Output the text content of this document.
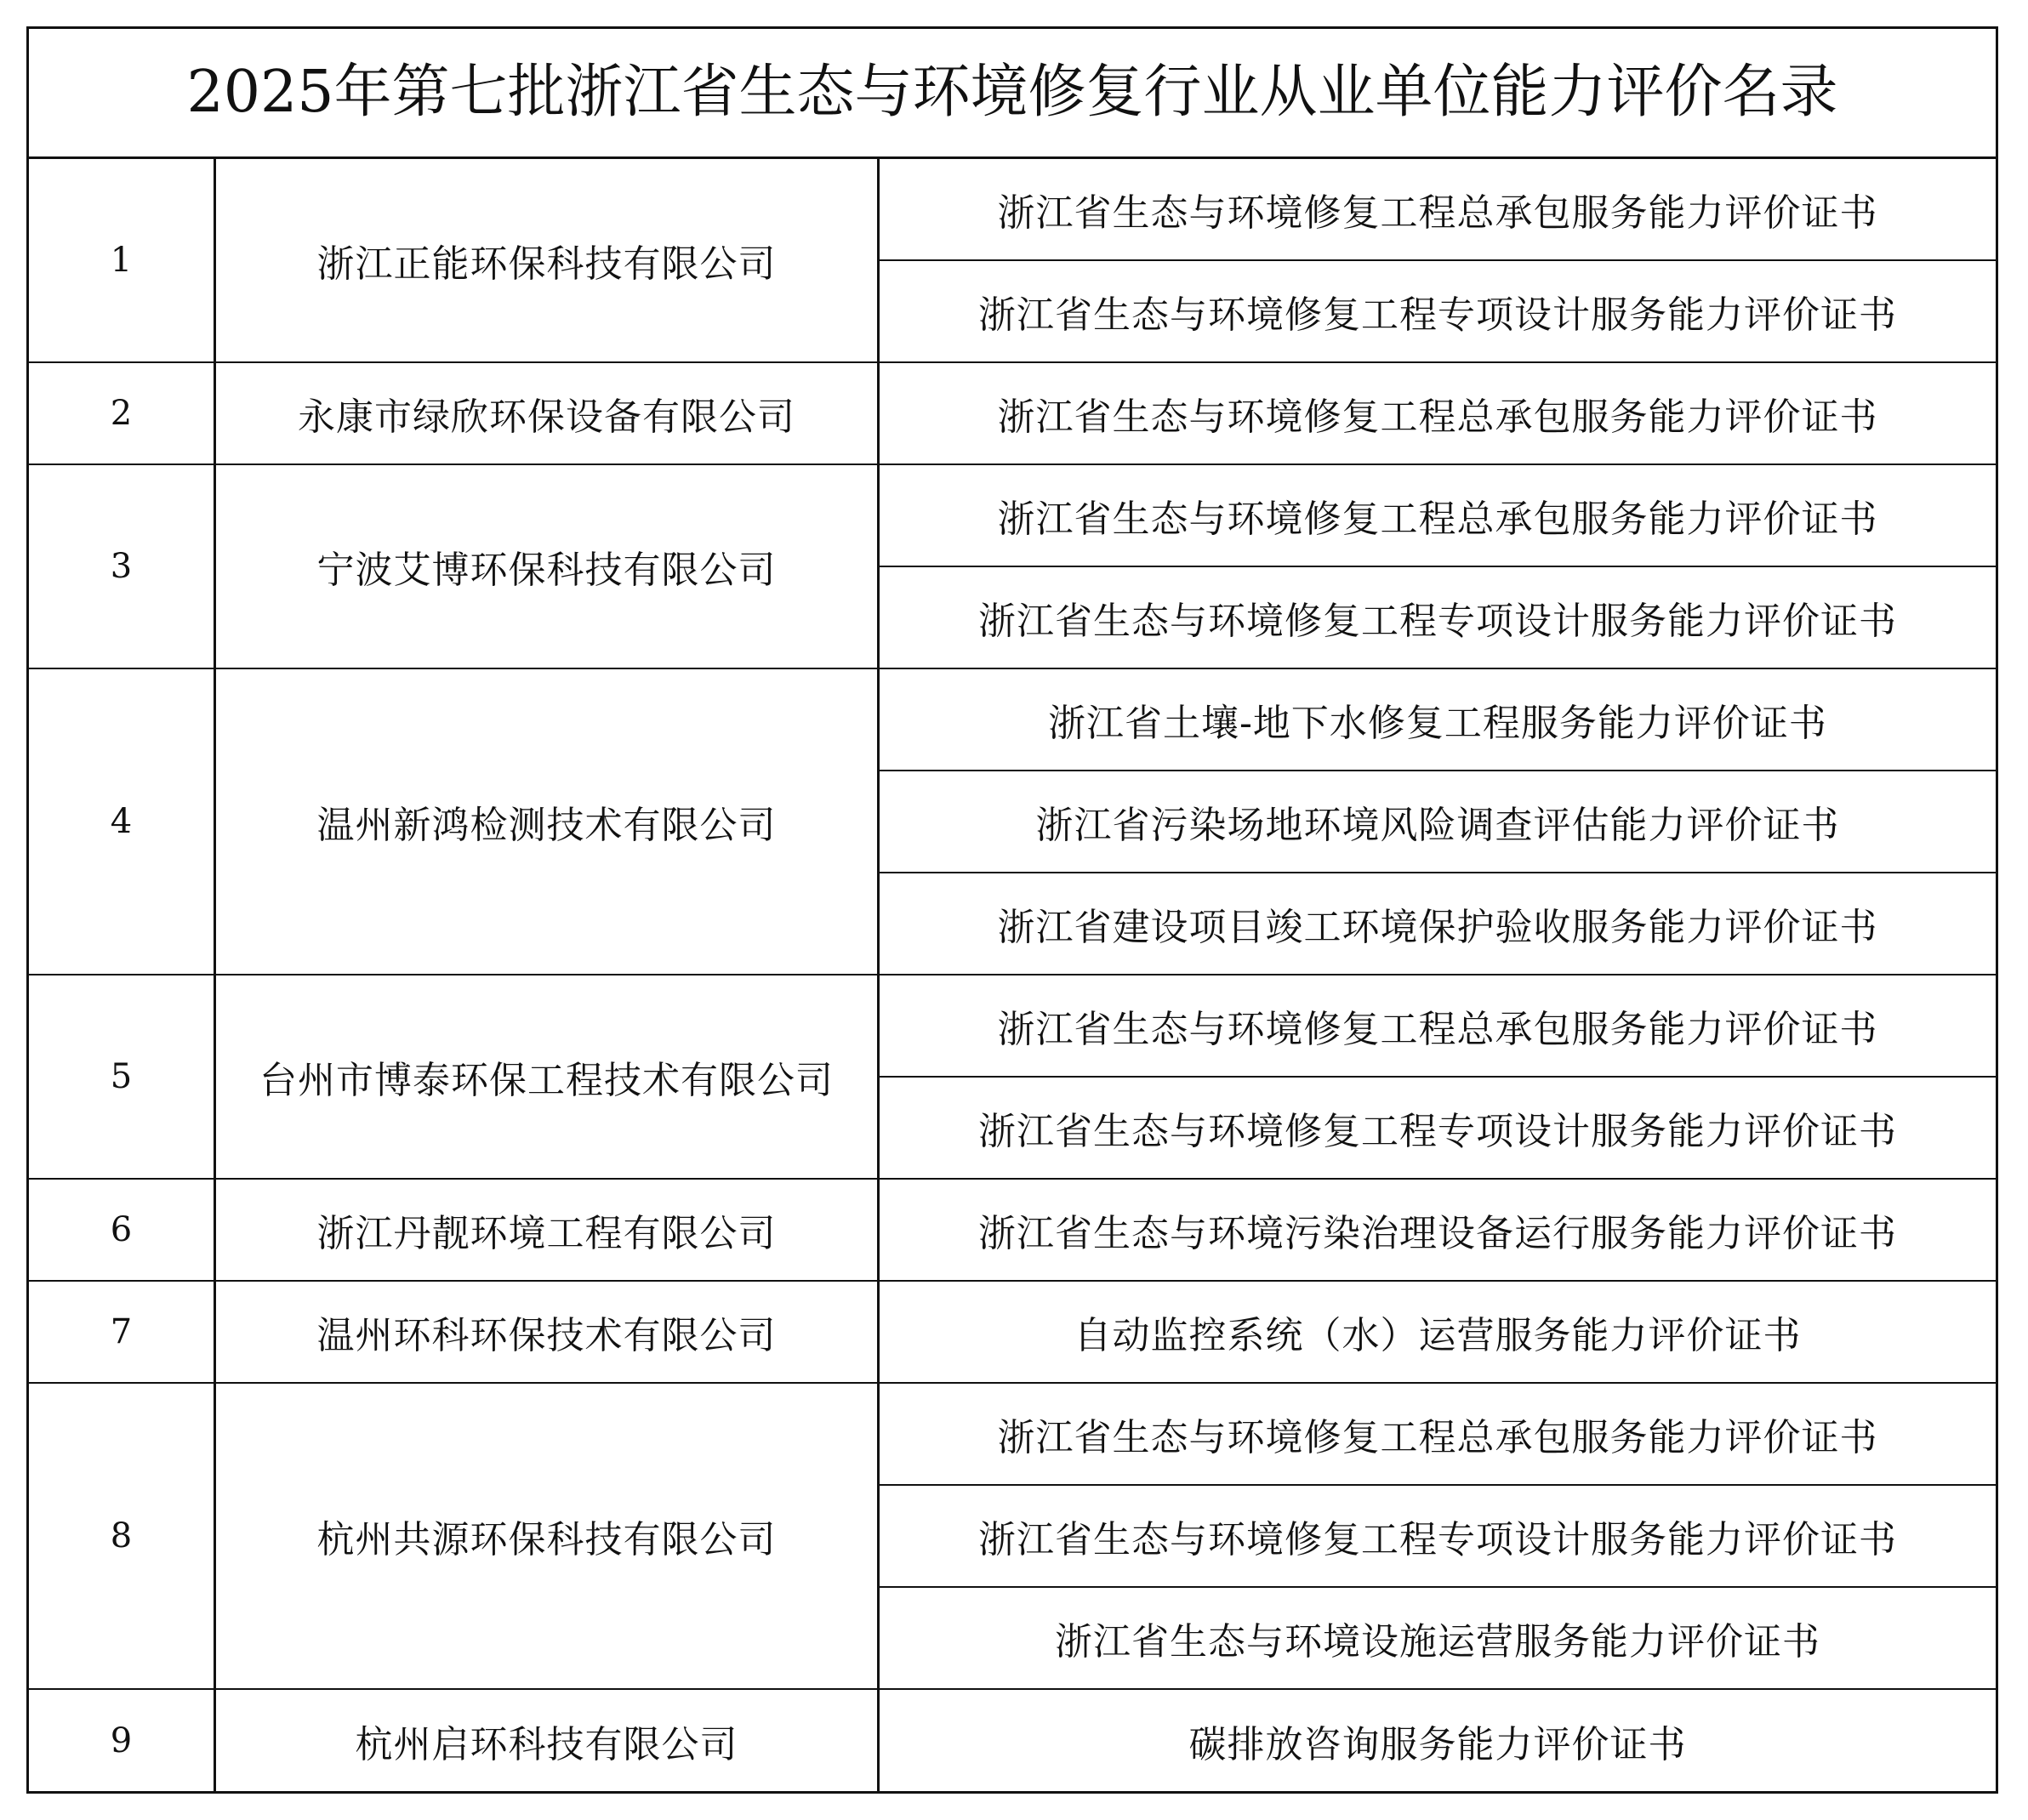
2025年第七批浙江省生态与环境修复行业从业单位能力评价名录
1	浙江正能环保科技有限公司
浙江省生态与环境修复工程总承包服务能力评价证书
浙江省生态与环境修复工程专项设计服务能力评价证书
2	永康市绿欣环保设备有限公司	浙江省生态与环境修复工程总承包服务能力评价证书
3	宁波艾博环保科技有限公司
浙江省生态与环境修复工程总承包服务能力评价证书
浙江省生态与环境修复工程专项设计服务能力评价证书
4	温州新鸿检测技术有限公司
浙江省土壤-地下水修复工程服务能力评价证书
浙江省污染场地环境风险调查评估能力评价证书
浙江省建设项目竣工环境保护验收服务能力评价证书
5	台州市博泰环保工程技术有限公司
浙江省生态与环境修复工程总承包服务能力评价证书
浙江省生态与环境修复工程专项设计服务能力评价证书
6	浙江丹靓环境工程有限公司	浙江省生态与环境污染治理设备运行服务能力评价证书
7	温州环科环保技术有限公司	自动监控系统（水）运营服务能力评价证书
8	杭州共源环保科技有限公司
浙江省生态与环境修复工程总承包服务能力评价证书
浙江省生态与环境修复工程专项设计服务能力评价证书
浙江省生态与环境设施运营服务能力评价证书
9	杭州启环科技有限公司	碳排放咨询服务能力评价证书
